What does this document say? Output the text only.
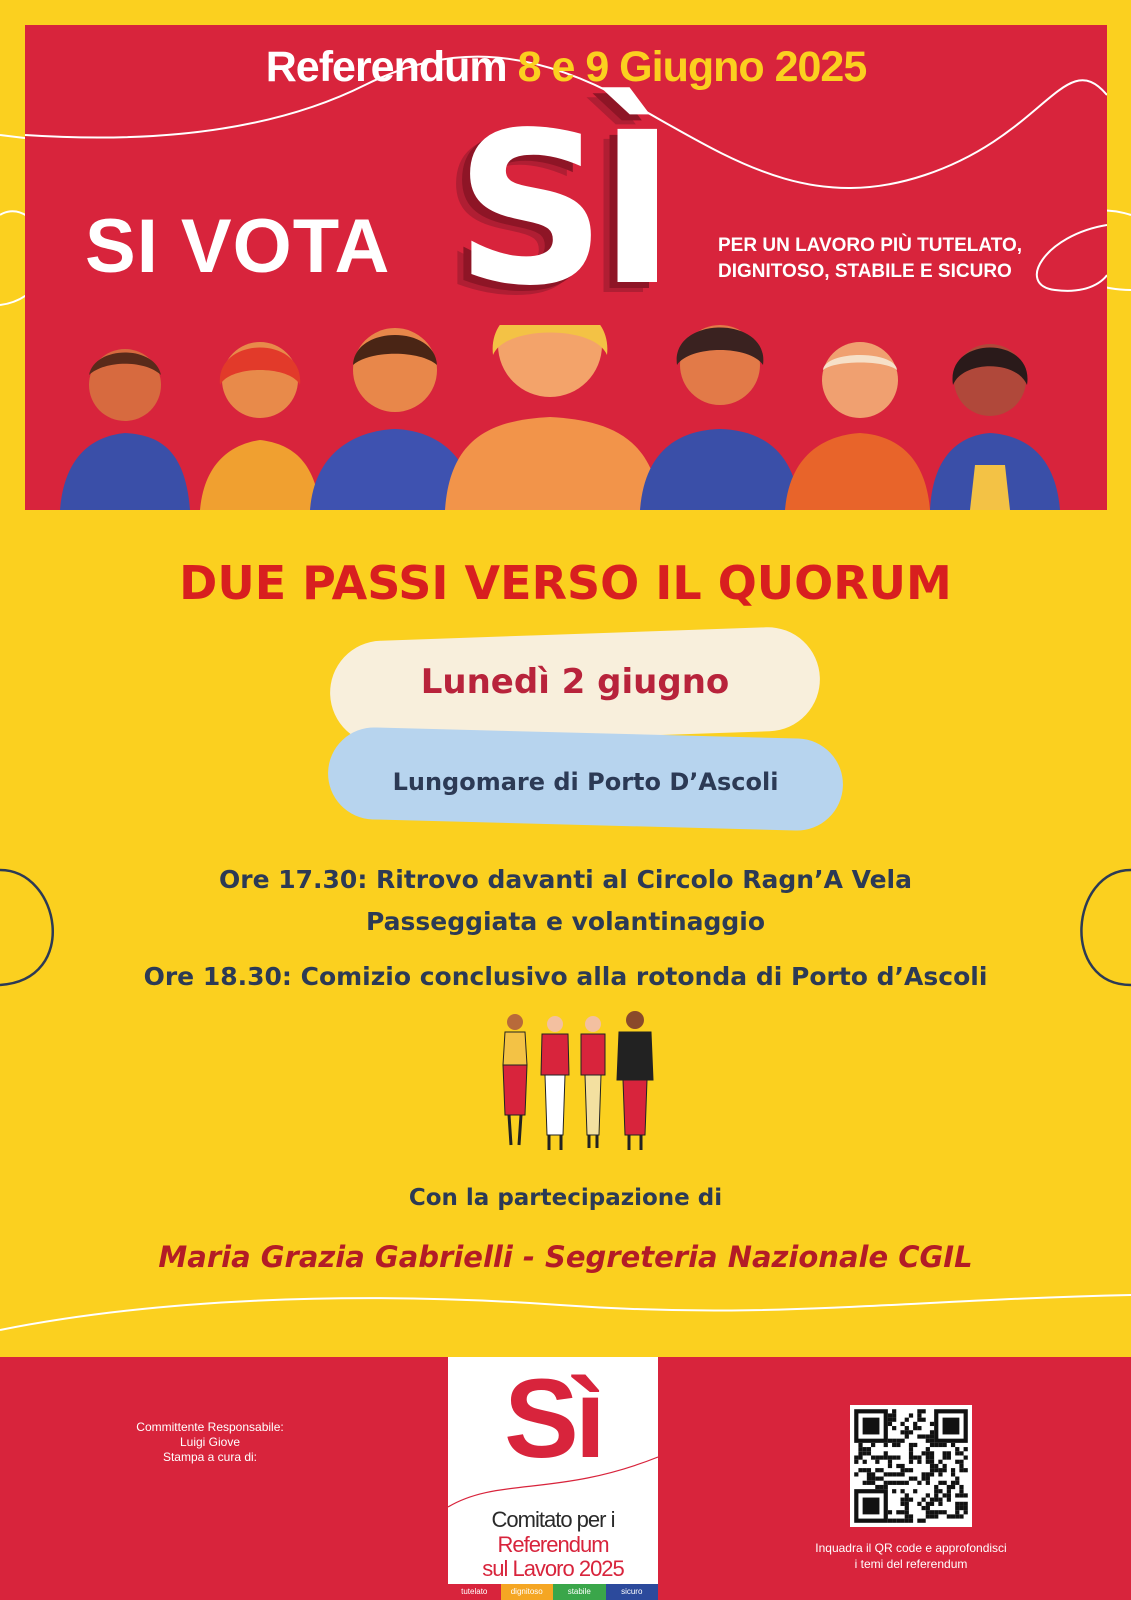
Referendum 8 e 9 Giugno 2025
SI VOTA SÌ	PER UN LAVORO PIÙ TUTELATO,
DIGNITOSO, STABILE E SICURO
DUE PASSI VERSO IL QUORUM
Lunedì 2 giugno
Lungomare di Porto D’Ascoli
Ore 17.30: Ritrovo davanti al Circolo Ragn’A Vela
Passeggiata e volantinaggio
Ore 18.30: Comizio conclusivo alla rotonda di Porto d’Ascoli
Con la partecipazione di
Maria Grazia Gabrielli - Segreteria Nazionale CGIL
Committente Responsabile:
Luigi Giove
Stampa a cura di:	Sì
Comitato per i
Referendum
sul Lavoro 2025
tutelato	dignitoso	stabile	sicuro
Inquadra il QR code e approfondisci
i temi del referendum
